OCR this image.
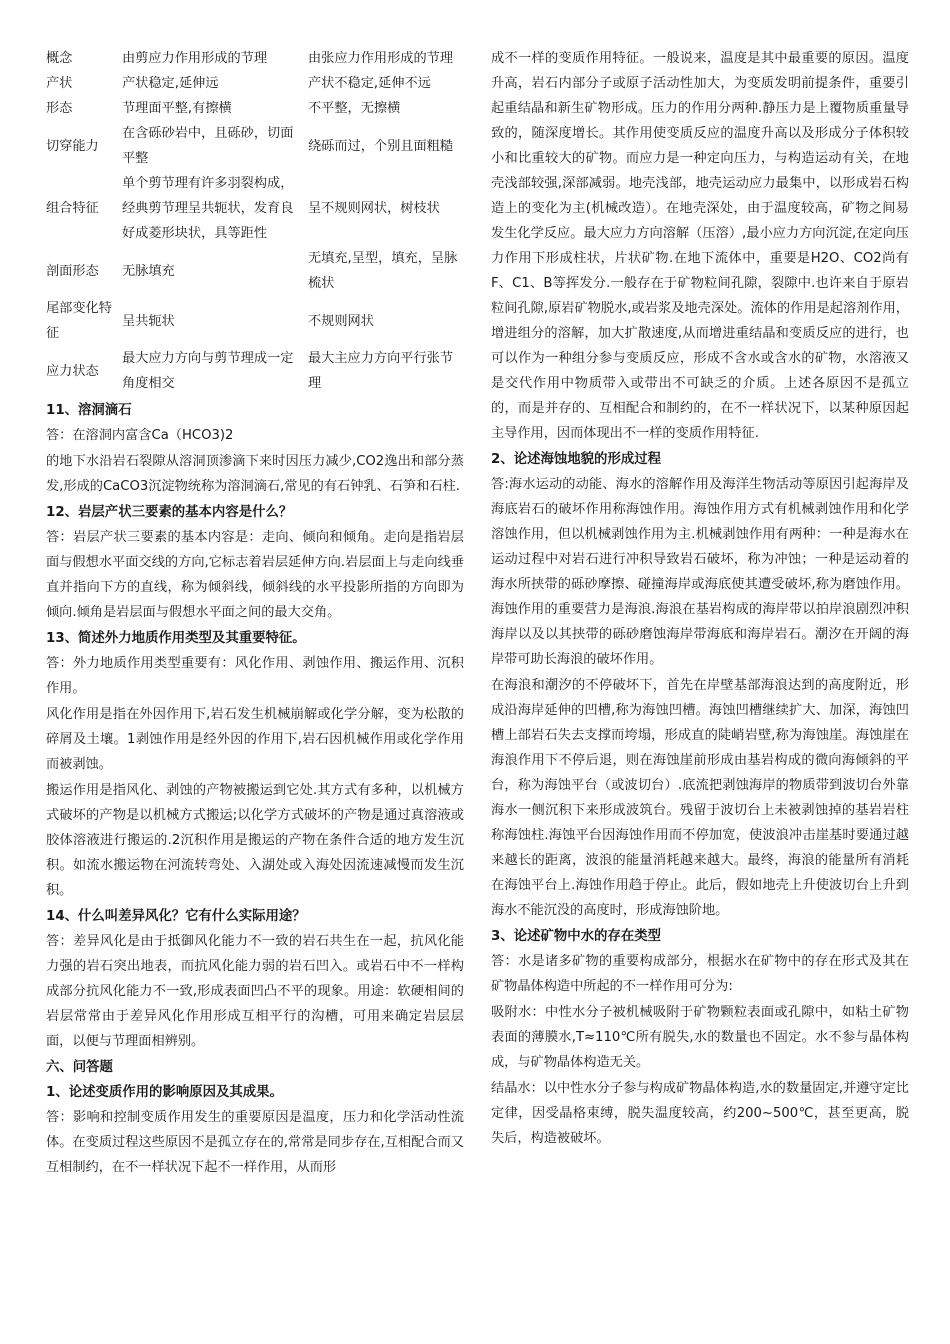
概念	由剪应力作用形成的节理	由张应力作用形成的节理
产状	产状稳定,延伸远	产状不稳定,延伸不远
形态	节理面平整,有擦横	不平整，无擦横
切穿能力	在含砾砂岩中，且砾砂，切面平整	绕砾而过，个别且面粗糙
组合特征	单个剪节理有许多羽裂构成，经典剪节理呈共轭状，发育良好成菱形块状，具等距性	呈不规则网状，树枝状
剖面形态	无脉填充	无填充,呈型，填充，呈脉梳状
尾部变化特征	呈共轭状	不规则网状
应力状态	最大应力方向与剪节理成一定角度相交	最大主应力方向平行张节理

11、溶洞滴石

答：在溶洞内富含Ca（HCO3)2

的地下水沿岩石裂隙从溶洞顶渗滴下来时因压力减少,CO2逸出和部分蒸发,形成的CaCO3沉淀物统称为溶洞滴石,常见的有石钟乳、石笋和石柱.

12、岩层产状三要素的基本内容是什么？

答：岩层产状三要素的基本内容是：走向、倾向和倾角。走向是指岩层面与假想水平面交线的方向,它标志着岩层延伸方向.岩层面上与走向线垂直并指向下方的直线，称为倾斜线，倾斜线的水平投影所指的方向即为倾向.倾角是岩层面与假想水平面之间的最大交角。

13、简述外力地质作用类型及其重要特征。

答：外力地质作用类型重要有：风化作用、剥蚀作用、搬运作用、沉积作用。

风化作用是指在外因作用下,岩石发生机械崩解或化学分解，变为松散的碎屑及土壤。1剥蚀作用是经外因的作用下,岩石因机械作用或化学作用而被剥蚀。

搬运作用是指风化、剥蚀的产物被搬运到它处.其方式有多种，以机械方式破坏的产物是以机械方式搬运;以化学方式破坏的产物是通过真溶液或胶体溶液进行搬运的.2沉积作用是搬运的产物在条件合适的地方发生沉积。如流水搬运物在河流转弯处、入湖处或入海处因流速减慢而发生沉积。

14、什么叫差异风化？它有什么实际用途？

答：差异风化是由于抵御风化能力不一致的岩石共生在一起，抗风化能力强的岩石突出地表，而抗风化能力弱的岩石凹入。或岩石中不一样构成部分抗风化能力不一致,形成表面凹凸不平的现象。用途：软硬相间的岩层常常由于差异风化作用形成互相平行的沟槽，可用来确定岩层层面，以便与节理面相辨别。

六、问答题

1、论述变质作用的影响原因及其成果。

答：影响和控制变质作用发生的重要原因是温度，压力和化学活动性流体。在变质过程这些原因不是孤立存在的,常常是同步存在,互相配合而又互相制约，在不一样状况下起不一样作用，从而形

成不一样的变质作用特征。一般说来，温度是其中最重要的原因。温度升高，岩石内部分子或原子活动性加大，为变质发明前提条件，重要引起重结晶和新生矿物形成。压力的作用分两种.静压力是上覆物质重量导致的，随深度增长。其作用使变质反应的温度升高以及形成分子体积较小和比重较大的矿物。而应力是一种定向压力，与构造运动有关，在地壳浅部较强,深部减弱。地壳浅部，地壳运动应力最集中，以形成岩石构造上的变化为主(机械改造）。在地壳深处，由于温度较高，矿物之间易发生化学反应。最大应力方向溶解（压溶）,最小应力方向沉淀,在定向压力作用下形成柱状，片状矿物.在地下流体中，重要是H2O、CO2尚有F、C1、B等挥发分.一般存在于矿物粒间孔隙，裂隙中.也许来自于原岩粒间孔隙,原岩矿物脱水,或岩浆及地壳深处。流体的作用是起溶剂作用，增进组分的溶解，加大扩散速度,从而增进重结晶和变质反应的进行，也可以作为一种组分参与变质反应，形成不含水或含水的矿物，水溶液又是交代作用中物质带入或带出不可缺乏的介质。上述各原因不是孤立的，而是并存的、互相配合和制约的，在不一样状况下，以某种原因起主导作用，因而体现出不一样的变质作用特征.

2、论述海蚀地貌的形成过程

答:海水运动的动能、海水的溶解作用及海洋生物活动等原因引起海岸及海底岩石的破坏作用称海蚀作用。海蚀作用方式有机械剥蚀作用和化学溶蚀作用，但以机械剥蚀作用为主.机械剥蚀作用有两种：一种是海水在运动过程中对岩石进行冲积导致岩石破坏，称为冲蚀；一种是运动着的海水所挟带的砾砂摩擦、碰撞海岸或海底使其遭受破坏,称为磨蚀作用。海蚀作用的重要营力是海浪.海浪在基岩构成的海岸带以拍岸浪剧烈冲积海岸以及以其挟带的砾砂磨蚀海岸带海底和海岸岩石。潮汐在开阔的海岸带可助长海浪的破坏作用。

在海浪和潮汐的不停破坏下，首先在岸壁基部海浪达到的高度附近，形成沿海岸延伸的凹槽,称为海蚀凹槽。海蚀凹槽继续扩大、加深，海蚀凹槽上部岩石失去支撑而垮塌，形成直的陡峭岩壁,称为海蚀崖。海蚀崖在海浪作用下不停后退，则在海蚀崖前形成由基岩构成的微向海倾斜的平台，称为海蚀平台（或波切台）.底流把剥蚀海岸的物质带到波切台外靠海水一侧沉积下来形成波筑台。残留于波切台上未被剥蚀掉的基岩岩柱称海蚀柱.海蚀平台因海蚀作用而不停加宽，使波浪冲击崖基时要通过越来越长的距离，波浪的能量消耗越来越大。最终，海浪的能量所有消耗在海蚀平台上.海蚀作用趋于停止。此后，假如地壳上升使波切台上升到海水不能沉没的高度时，形成海蚀阶地。

3、论述矿物中水的存在类型

答：水是诸多矿物的重要构成部分，根据水在矿物中的存在形式及其在矿物晶体构造中所起的不一样作用可分为:

吸附水：中性水分子被机械吸附于矿物颗粒表面或孔隙中，如粘土矿物表面的薄膜水,T≈110℃所有脱失,水的数量也不固定。水不参与晶体构成，与矿物晶体构造无关。

结晶水：以中性水分子参与构成矿物晶体构造,水的数量固定,并遵守定比定律，因受晶格束缚，脱失温度较高，约200~500℃，甚至更高，脱失后，构造被破坏。
